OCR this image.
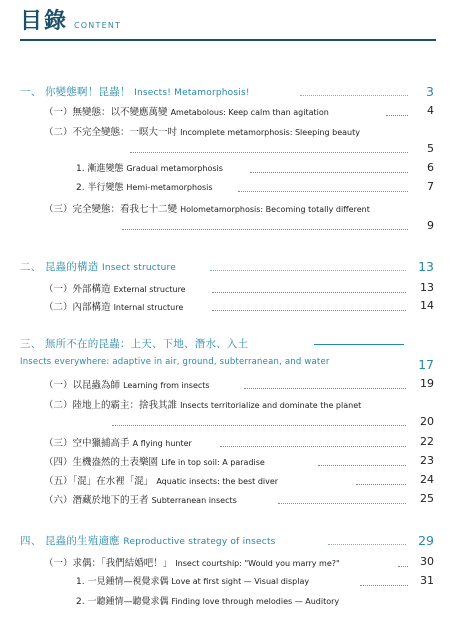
目錄 CONTENT
一、 你變態啊！昆蟲！ Insects! Metamorphosis!	3
（一）無變態：以不變應萬變 Ametabolous: Keep calm than agitation	4
（二）不完全變態：一暝大一吋 Incomplete metamorphosis: Sleeping beauty
5
1. 漸進變態 Gradual metamorphosis	6
2. 半行變態 Hemi-metamorphosis	7
（三）完全變態：看我七十二變 Holometamorphosis: Becoming totally different
9
二、 昆蟲的構造 Insect structure	13
（一）外部構造 External structure	13
（二）內部構造 Internal structure	14
三、 無所不在的昆蟲：上天、下地、潛水、入土
Insects everywhere: adaptive in air, ground, subterranean, and water	17
（一）以昆蟲為師 Learning from insects	19
（二）陸地上的霸主：捨我其誰 Insects territorialize and dominate the planet
20
（三）空中獵捕高手 A flying hunter	22
（四）生機盎然的土表樂園 Life in top soil: A paradise	23
（五）「混」在水裡「混」 Aquatic insects: the best diver	24
（六）潛藏於地下的王者 Subterranean insects	25
四、 昆蟲的生殖適應 Reproductive strategy of insects	29
（一）求偶：「我們結婚吧！」 Insect courtship: "Would you marry me?"	30
1. 一見鍾情—視覺求偶 Love at first sight — Visual display	31
2. 一聽鍾情—聽覺求偶 Finding love through melodies — Auditory
